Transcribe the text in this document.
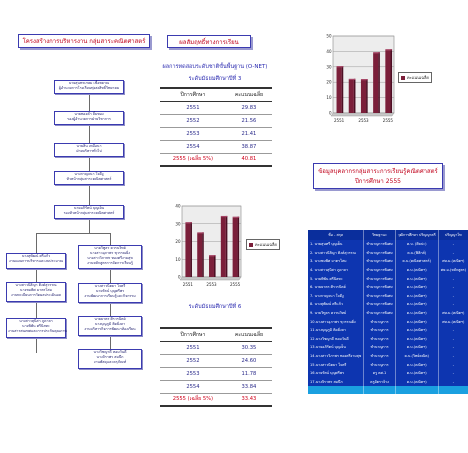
โครงสร้างการบริหารงาน กลุ่มสาระคณิตศาสตร์
นายสุนทรเกษม เชื้อชยาณ
ผู้อำนวยการโรงเรียนทุ่งสงสิทธิ์วิทยาคม
นายทองคำ ลิ้มทอง
รองผู้อำนวยการฝ่ายวิชาการ
นายสิน เหมือนา
ฝ่ายบริหารทั่วไป
นางกาญจนา ใจดีงู
หัวหน้ากลุ่มสาระคณิตศาสตร์
นายอภิรัตน์ บุญเย็น
รองหัวหน้ากลุ่มสาระคณิตศาสตร์
นางสุพัฒน์ ศรีแก้ว
งานแผนการบริหารและงบประมาณ
นางสาวนิสิญา ติงค์สุวรรณ
นางชมพิศ มาตรโสม
งานทะเบียนการวัดผลประเมินผล
นางสาวสุนิสา ภูดาลา
นางพิพัน ศรีนิลทะ
งานสารสนเทศและการประกันคุณภาพ
นายวิทูลร ควรนวิทย์
นางสาวอุภาพร ชุวรรณยิ่ง
นางสาววิภาพร ทองศรีงามสุข
งานหลักสูตรการจัดการเรียนรู้
นางสาวนิตยา ใจตรี
นายรัตน์ บุญศรีพร
งานพัฒนาการเรียนรู้และกิจกรรม
นายยาตร ศิรวรนิตย์
นางบุญภูมิ ติดยิ่งลา
งานบริหารกิจการพัฒนาห้องเรียน
นางวิชญาดี หอมวันดี
นางจิราพร สมนึก
งานพัสดุและครุภัณฑ์
ผลสัมฤทธิ์ทางการเรียน
ผลการทดสอบระดับชาติขั้นพื้นฐาน (O-NET)
ระดับมัธยมศึกษาปีที่ 3
ปีการศึกษา	คะแนนเฉลี่ย
2551	29.83
2552	21.56
2553	21.41
2554	38.87
2555 (เฉลี่ย 5%)	40.81
0
10
20
30
40
2551	2553	2555
คะแนนเฉลี่ย
ระดับมัธยมศึกษาปีที่ 6
ปีการศึกษา	คะแนนเฉลี่ย
2551	30.35
2552	24.60
2553	11.78
2554	33.84
2555 (เฉลี่ย 5%)	33.43
0
10
20
30
40
50
2551	2553	2555
คะแนนเฉลี่ย
ข้อมูลบุคลากรกลุ่มสาระการเรียนรู้คณิตศาสตร์
ปีการศึกษา 2555
ชื่อ - สกุล	วิทยฐานะ	วุฒิการศึกษา ปริญญาตรี	ปริญญาโท
1. นายสุนทรี บุญเย็น	ชำนาญการพิเศษ	ค.บ. (ศิลปะ)	-
2. นางสาวนิสิญา ติงค์สุวรรณ	ชำนาญการพิเศษ	ค.บ.(ฟิสิกส์)	-
3. นางชมพิศ มาตรโสม	ชำนาญการพิเศษ	ค.บ.(คณิตศาสตร์)	ศษ.ม.(คณิตฯ)
4. นางสาวสุนิสา ภูดาลา	ชำนาญการพิเศษ	ค.บ.(คณิตฯ)	ศษ.ม.(หลักสูตร)
5. นายพิพัน ศรีนิลทะ	ชำนาญการพิเศษ	ค.บ.(คณิตฯ)	-
6. นายยาตร ศิรวรนิตย์	ชำนาญการพิเศษ	ค.บ.(คณิตฯ)	-
7. นางกาญจนา ใจดีงู	ชำนาญการพิเศษ	ค.บ.(คณิตฯ)	-
8. นางสุพัฒน์ ศรีแก้ว	ชำนาญการพิเศษ	ค.บ.(คณิตฯ)	-
9. นายวิทูลร ควรนวิทย์	ชำนาญการพิเศษ	ค.บ.(คณิตฯ)	ศษ.ม.(คณิตฯ)
10.นางสาวอุภาพร ชุวรรณยิ่ง	ชำนาญการ	ค.บ.(คณิตฯ)	ศษ.ม.(คณิตฯ)
11.นางบุญภูมิ ติดยิ่งลา	ชำนาญการ	ค.บ.(คณิตฯ)	-
12.นางวิชญาดี หอมวันดี	ชำนาญการ	ค.บ.(คณิตฯ)	-
13.นายอภิรัตน์ บุญเย็น	ชำนาญการ	ค.บ.(คณิตฯ)	-
14.นางสาววิภาพร ทองศรีงามสุข	ชำนาญการ	ค.บ.(วิทย์คณิต)	-
15.นางสาวนิตยา ใจตรี	ชำนาญการ	ค.บ.(คณิตฯ)	-
16.นายรัตน์ บุญศรีพร	ครู คศ.1	ค.บ.(คณิตฯ)	-
17.นางจิราพร สมนึก	ครูอัตราจ้าง	ค.บ.(คณิตฯ)	-
